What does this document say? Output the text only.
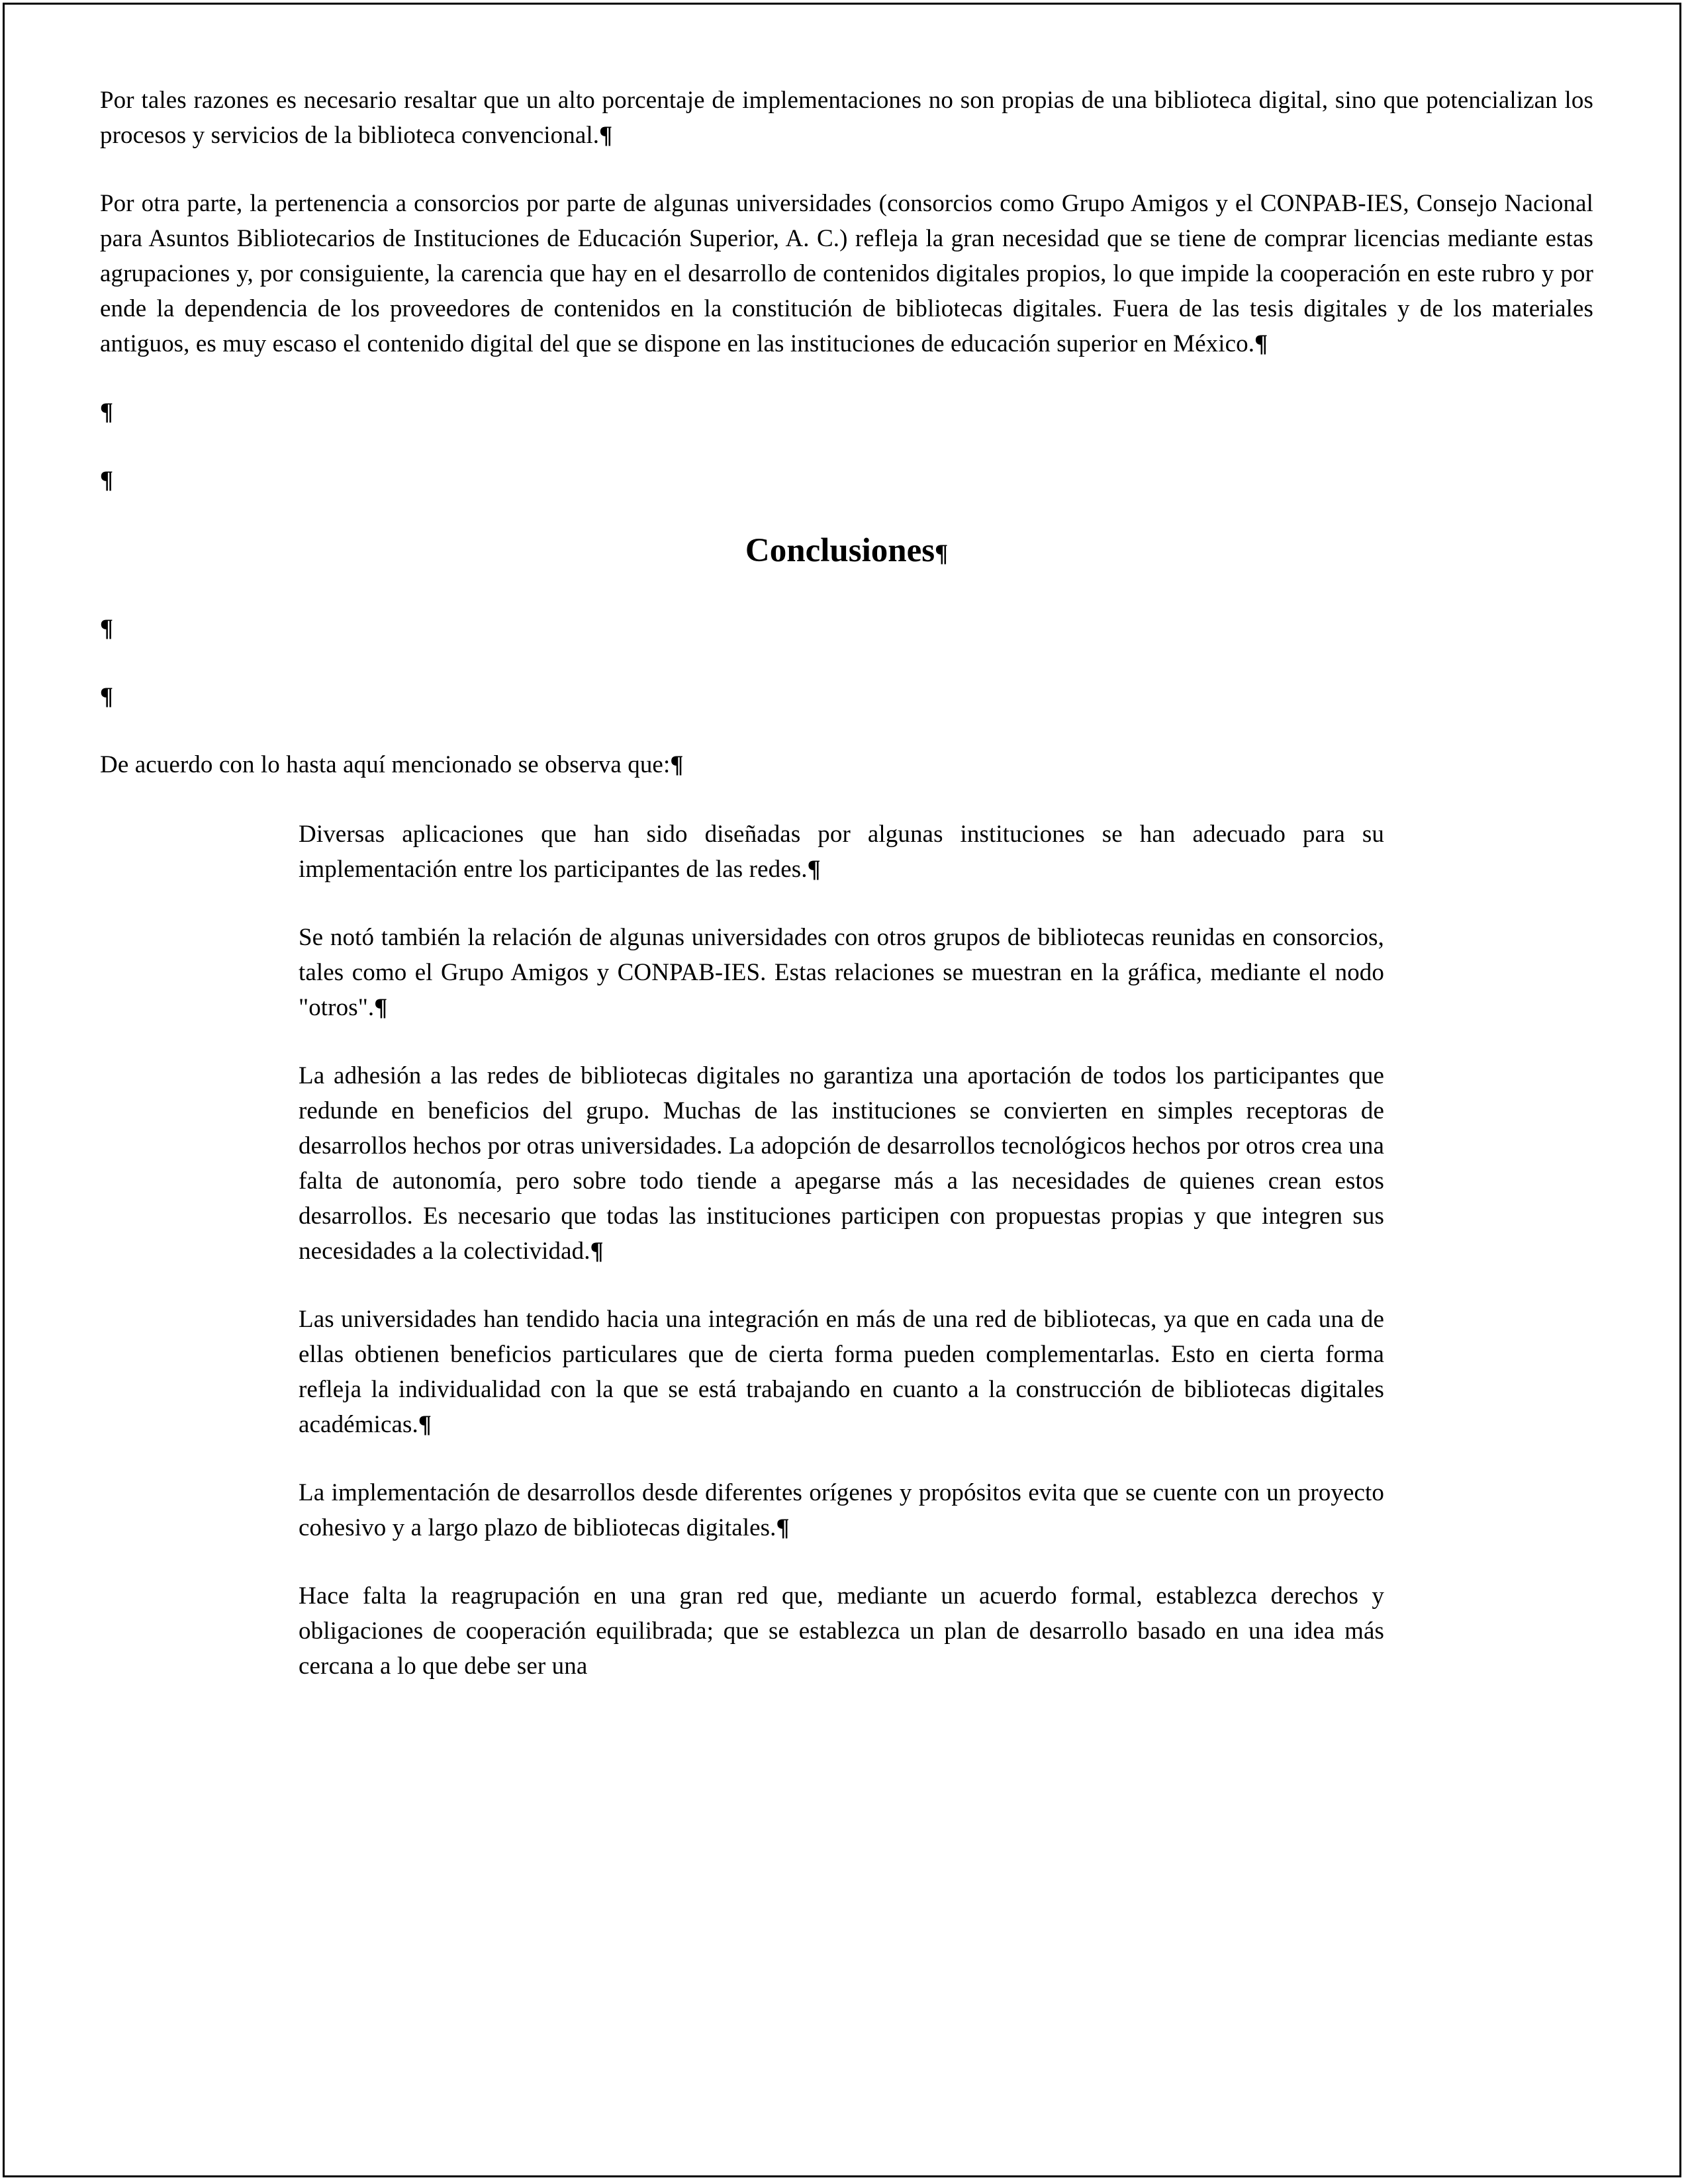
Por tales razones es necesario resaltar que un alto porcentaje de implementaciones no son propias de una biblioteca digital, sino que potencializan los procesos y servicios de la biblioteca convencional.¶

Por otra parte, la pertenencia a consorcios por parte de algunas universidades (consorcios como Grupo Amigos y el CONPAB-IES, Consejo Nacional para Asuntos Bibliotecarios de Instituciones de Educación Superior, A. C.) refleja la gran necesidad que se tiene de comprar licencias mediante estas agrupaciones y, por consiguiente, la carencia que hay en el desarrollo de contenidos digitales propios, lo que impide la cooperación en este rubro y por ende la dependencia de los proveedores de contenidos en la constitución de bibliotecas digitales. Fuera de las tesis digitales y de los materiales antiguos, es muy escaso el contenido digital del que se dispone en las instituciones de educación superior en México.¶

¶

¶

Conclusiones¶

¶

¶

De acuerdo con lo hasta aquí mencionado se observa que:¶

Diversas aplicaciones que han sido diseñadas por algunas instituciones se han adecuado para su implementación entre los participantes de las redes.¶

Se notó también la relación de algunas universidades con otros grupos de bibliotecas reunidas en consorcios, tales como el Grupo Amigos y CONPAB-IES. Estas relaciones se muestran en la gráfica, mediante el nodo "otros".¶

La adhesión a las redes de bibliotecas digitales no garantiza una aportación de todos los participantes que redunde en beneficios del grupo. Muchas de las instituciones se convierten en simples receptoras de desarrollos hechos por otras universidades. La adopción de desarrollos tecnológicos hechos por otros crea una falta de autonomía, pero sobre todo tiende a apegarse más a las necesidades de quienes crean estos desarrollos. Es necesario que todas las instituciones participen con propuestas propias y que integren sus necesidades a la colectividad.¶

Las universidades han tendido hacia una integración en más de una red de bibliotecas, ya que en cada una de ellas obtienen beneficios particulares que de cierta forma pueden complementarlas. Esto en cierta forma refleja la individualidad con la que se está trabajando en cuanto a la construcción de bibliotecas digitales académicas.¶

La implementación de desarrollos desde diferentes orígenes y propósitos evita que se cuente con un proyecto cohesivo y a largo plazo de bibliotecas digitales.¶

Hace falta la reagrupación en una gran red que, mediante un acuerdo formal, establezca derechos y obligaciones de cooperación equilibrada; que se establezca un plan de desarrollo basado en una idea más cercana a lo que debe ser una
